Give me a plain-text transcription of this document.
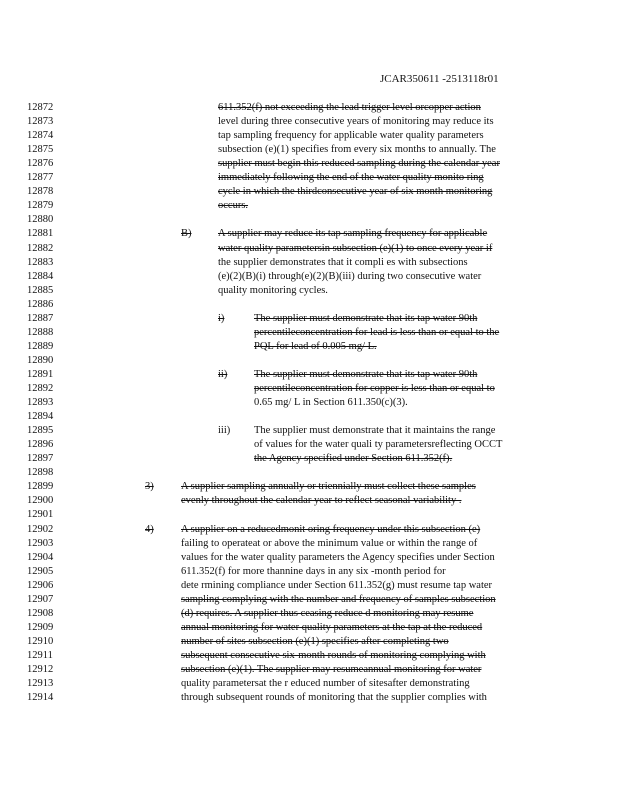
JCAR350611 -2513118r01
12872	611.352(f) not exceeding the lead trigger level orcopper action
12873	level during three consecutive years of monitoring may reduce its
12874	tap sampling frequency for applicable water quality parameters
12875	subsection (e)(1) specifies from every six months to annually. The
12876	supplier must begin this reduced sampling during the calendar year
12877	immediately following the end of the water quality monito ring
12878	cycle in which the thirdconsecutive year of six month monitoring
12879	occurs.
12880
12881	B)	A supplier may reduce its tap sampling frequency for applicable
12882	water quality parametersin subsection (e)(1) to once every year if
12883	the supplier demonstrates that it compli es with subsections
12884	(e)(2)(B)(i) through(e)(2)(B)(iii) during two consecutive water
12885	quality monitoring cycles.
12886
12887	i)	The supplier must demonstrate that its tap water 90th
12888	percentileconcentration for lead is less than or equal to the
12889	PQL for lead of 0.005 mg/ L.
12890
12891	ii)	The supplier must demonstrate that its tap water 90th
12892	percentileconcentration for copper is less than or equal to
12893	0.65 mg/ L in Section 611.350(c)(3).
12894
12895	iii) The supplier must demonstrate that it maintains the range
12896	of values for the water quali ty parametersreflecting OCCT
12897	the Agency specified under Section 611.352(f).
12898
12899	3)	A supplier sampling annually or triennially must collect these samples
12900	evenly throughout the calendar year to reflect seasonal variability .
12901
12902	4)	A supplier on a reducedmonit oring frequency under this subsection (e)
12903	failing to operateat or above the minimum value or within the range of
12904	values for the water quality parameters the Agency specifies under Section
12905	611.352(f) for more thannine days in any six -month period for
12906	dete rmining compliance under Section 611.352(g) must resume tap water
12907	sampling complying with the number and frequency of samples subsection
12908	(d) requires. A supplier thus ceasing reduce d monitoring may resume
12909	annual monitoring for water quality parameters at the tap at the reduced
12910	number of sites subsection (e)(1) specifies after completing two
12911	subsequent consecutive six-month rounds of monitoring complying with
12912	subsection (e)(1). The supplier may resumeannual monitoring for water
12913	quality parametersat the r educed number of sitesafter demonstrating
12914	through subsequent rounds of monitoring that the supplier complies with
